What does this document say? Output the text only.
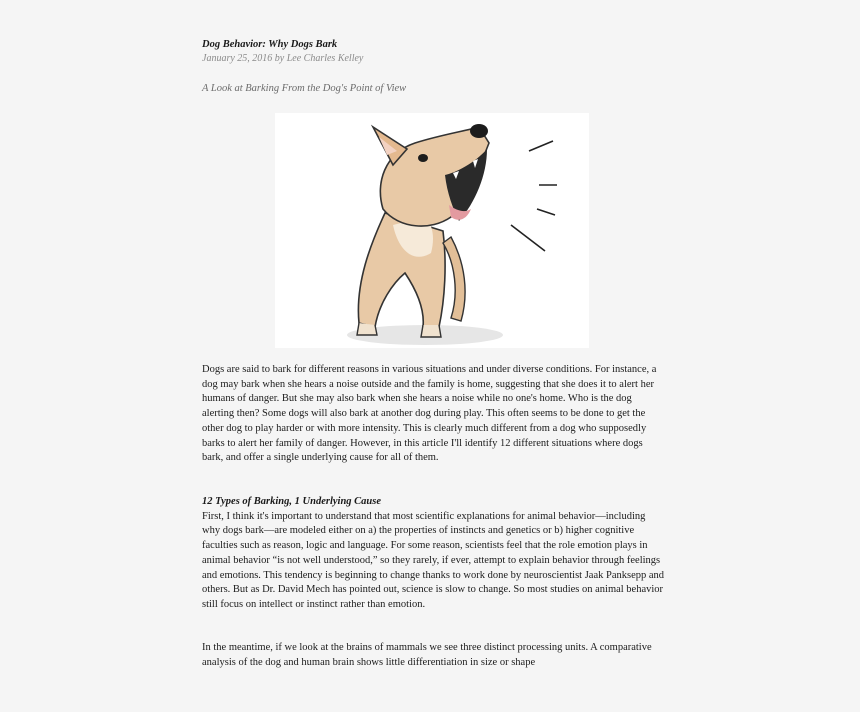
Dog Behavior: Why Dogs Bark

January 25, 2016 by Lee Charles Kelley

A Look at Barking From the Dog's Point of View

Dogs are said to bark for different reasons in various situations and under diverse conditions. For instance, a dog may bark when she hears a noise outside and the family is home, suggesting that she does it to alert her humans of danger. But she may also bark when she hears a noise while no one's home. Who is the dog alerting then? Some dogs will also bark at another dog during play. This often seems to be done to get the other dog to play harder or with more intensity. This is clearly much different from a dog who supposedly barks to alert her family of danger. However, in this article I'll identify 12 different situations where dogs bark, and offer a single underlying cause for all of them.

12 Types of Barking, 1 Underlying Cause

First, I think it's important to understand that most scientific explanations for animal behavior—including why dogs bark—are modeled either on a) the properties of instincts and genetics or b) higher cognitive faculties such as reason, logic and language. For some reason, scientists feel that the role emotion plays in animal behavior “is not well understood,” so they rarely, if ever, attempt to explain behavior through feelings and emotions. This tendency is beginning to change thanks to work done by neuroscientist Jaak Panksepp and others. But as Dr. David Mech has pointed out, science is slow to change. So most studies on animal behavior still focus on intellect or instinct rather than emotion.

In the meantime, if we look at the brains of mammals we see three distinct processing units. A comparative analysis of the dog and human brain shows little differentiation in size or shape
